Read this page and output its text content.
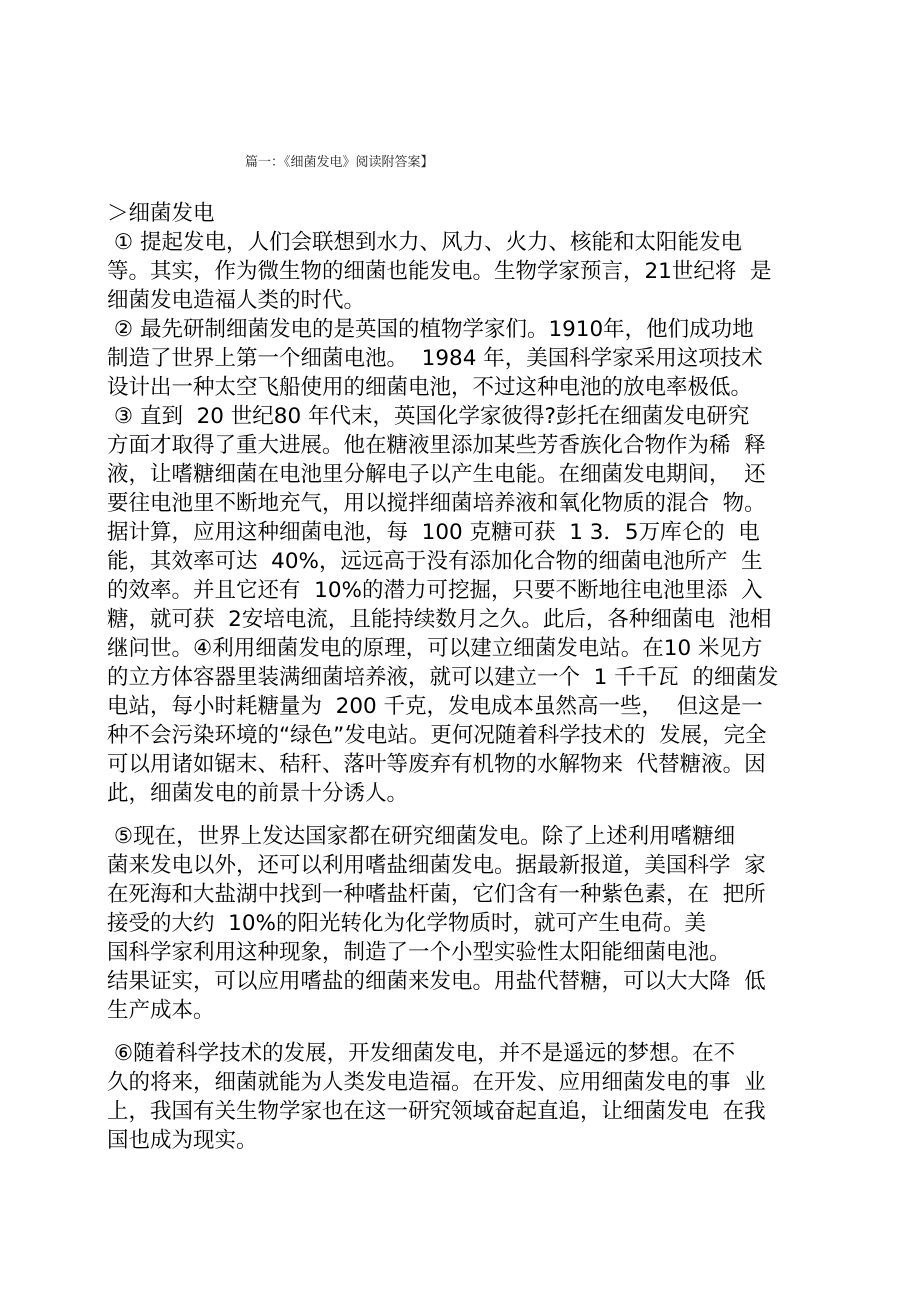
篇一：《细菌发电》阅读附答案】
＞细菌发电
① 提起发电，人们会联想到水力、风力、火力、核能和太阳能发电
等。其实，作为微生物的细菌也能发电。生物学家预言，21世纪将  是
细菌发电造福人类的时代。
② 最先研制细菌发电的是英国的植物学家们。1910年，他们成功地
制造了世界上第一个细菌电池。  1984 年，美国科学家采用这项技术
设计出一种太空飞船使用的细菌电池，不过这种电池的放电率极低。
③ 直到  20 世纪80 年代末，英国化学家彼得?彭托在细菌发电研究
方面才取得了重大进展。他在糖液里添加某些芳香族化合物作为稀  释
液，让嗜糖细菌在电池里分解电子以产生电能。在细菌发电期间，  还
要往电池里不断地充气，用以搅拌细菌培养液和氧化物质的混合  物。
据计算，应用这种细菌电池，每  100 克糖可获  1 3．5万库仑的  电
能，其效率可达  40%，远远高于没有添加化合物的细菌电池所产  生
的效率。并且它还有  10%的潜力可挖掘，只要不断地往电池里添  入
糖，就可获  2安培电流，且能持续数月之久。此后，各种细菌电  池相
继问世。④利用细菌发电的原理，可以建立细菌发电站。在10 米见方
的立方体容器里装满细菌培养液，就可以建立一个  1 千千瓦  的细菌发
电站，每小时耗糖量为  200 千克，发电成本虽然高一些，  但这是一
种不会污染环境的“绿色”发电站。更何况随着科学技术的  发展，完全
可以用诸如锯末、秸秆、落叶等废弃有机物的水解物来  代替糖液。因
此，细菌发电的前景十分诱人。
⑤现在，世界上发达国家都在研究细菌发电。除了上述利用嗜糖细
菌来发电以外，还可以利用嗜盐细菌发电。据最新报道，美国科学  家
在死海和大盐湖中找到一种嗜盐杆菌，它们含有一种紫色素，在  把所
接受的大约  10%的阳光转化为化学物质时，就可产生电荷。美
国科学家利用这种现象，制造了一个小型实验性太阳能细菌电池。
结果证实，可以应用嗜盐的细菌来发电。用盐代替糖，可以大大降  低
生产成本。
⑥随着科学技术的发展，开发细菌发电，并不是遥远的梦想。在不
久的将来，细菌就能为人类发电造福。在开发、应用细菌发电的事  业
上，我国有关生物学家也在这一研究领域奋起直追，让细菌发电  在我
国也成为现实。
